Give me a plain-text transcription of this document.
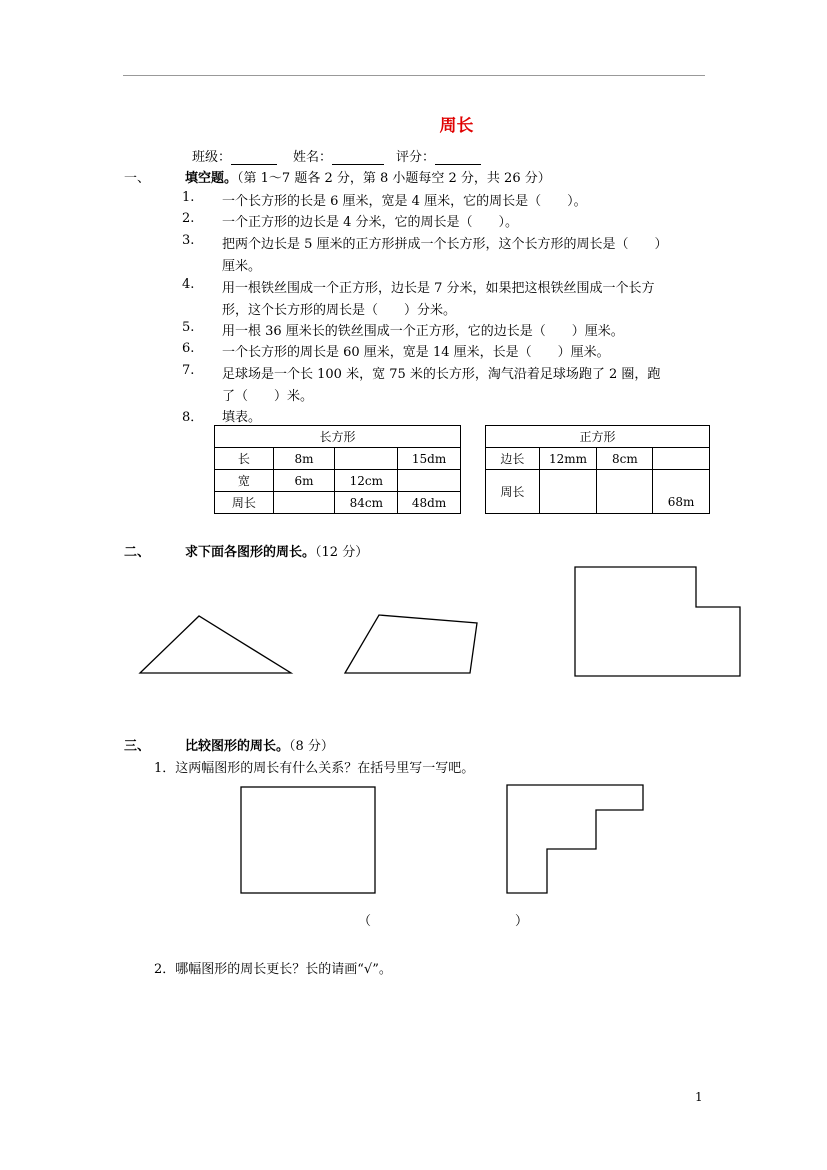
周长
班级：	姓名：	评分：
一、	填空题。（第 1～7 题各 2 分，第 8 小题每空 2 分，共 26 分）
1. 一个长方形的长是 6 厘米，宽是 4 厘米，它的周长是（　　）。
2. 一个正方形的边长是 4 分米，它的周长是（　　）。
3. 把两个边长是 5 厘米的正方形拼成一个长方形，这个长方形的周长是（　　）
厘米。
4. 用一根铁丝围成一个正方形，边长是 7 分米，如果把这根铁丝围成一个长方
形，这个长方形的周长是（　　）分米。
5. 用一根 36 厘米长的铁丝围成一个正方形，它的边长是（　　）厘米。
6. 一个长方形的周长是 60 厘米，宽是 14 厘米，长是（　　）厘米。
7. 足球场是一个长 100 米，宽 75 米的长方形，淘气沿着足球场跑了 2 圈，跑
了（　　）米。
8． 填表。
长方形			
长	8m		15dm
宽	6m	12cm	
周长		84cm	48dm
正方形			
边长	12mm	8cm	
周长			68m
二、	求下面各图形的周长。（12 分）
三、	比较图形的周长。（8 分）
1．这两幅图形的周长有什么关系？在括号里写一写吧。
（	）
2．哪幅图形的周长更长？长的请画“√”。
1
